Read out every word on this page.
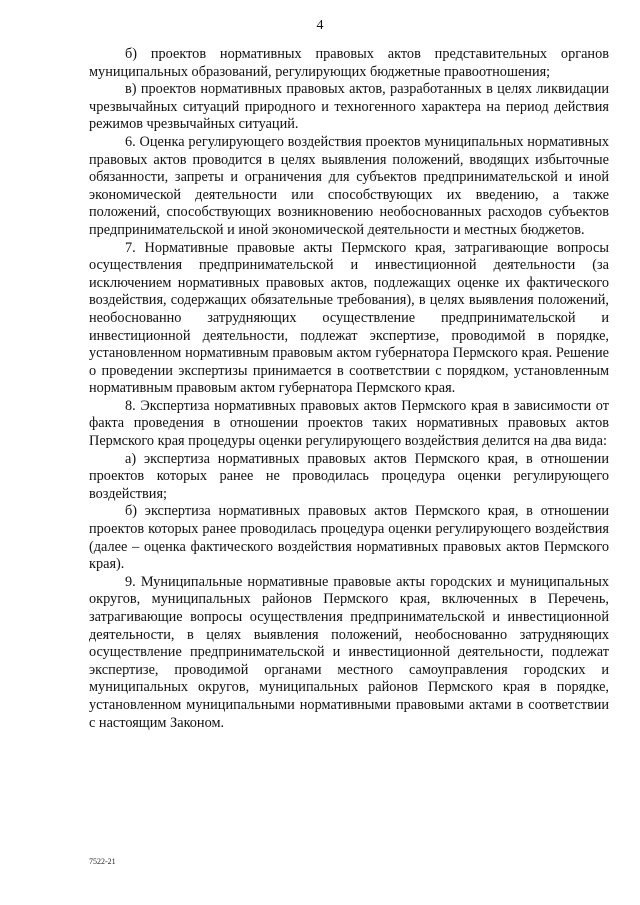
4

б) проектов нормативных правовых актов представительных органов муниципальных образований, регулирующих бюджетные правоотношения;

в) проектов нормативных правовых актов, разработанных в целях ликвидации чрезвычайных ситуаций природного и техногенного характера на период действия режимов чрезвычайных ситуаций.

6. Оценка регулирующего воздействия проектов муниципальных нормативных правовых актов проводится в целях выявления положений, вводящих избыточные обязанности, запреты и ограничения для субъектов предпринимательской и иной экономической деятельности или способствующих их введению, а также положений, способствующих возникновению необоснованных расходов субъектов предпринимательской и иной экономической деятельности и местных бюджетов.

7. Нормативные правовые акты Пермского края, затрагивающие вопросы осуществления предпринимательской и инвестиционной деятельности (за исключением нормативных правовых актов, подлежащих оценке их фактического воздействия, содержащих обязательные требования), в целях выявления положений, необоснованно затрудняющих осуществление предпринимательской и инвестиционной деятельности, подлежат экспертизе, проводимой в порядке, установленном нормативным правовым актом губернатора Пермского края. Решение о проведении экспертизы принимается в соответствии с порядком, установленным нормативным правовым актом губернатора Пермского края.

8. Экспертиза нормативных правовых актов Пермского края в зависимости от факта проведения в отношении проектов таких нормативных правовых актов Пермского края процедуры оценки регулирующего воздействия делится на два вида:

а) экспертиза нормативных правовых актов Пермского края, в отношении проектов которых ранее не проводилась процедура оценки регулирующего воздействия;

б) экспертиза нормативных правовых актов Пермского края, в отношении проектов которых ранее проводилась процедура оценки регулирующего воздействия (далее – оценка фактического воздействия нормативных правовых актов Пермского края).

9. Муниципальные нормативные правовые акты городских и муниципальных округов, муниципальных районов Пермского края, включенных в Перечень, затрагивающие вопросы осуществления предпринимательской и инвестиционной деятельности, в целях выявления положений, необоснованно затрудняющих осуществление предпринимательской и инвестиционной деятельности, подлежат экспертизе, проводимой органами местного самоуправления городских и муниципальных округов, муниципальных районов Пермского края в порядке, установленном муниципальными нормативными правовыми актами в соответствии с настоящим Законом.

7522-21
